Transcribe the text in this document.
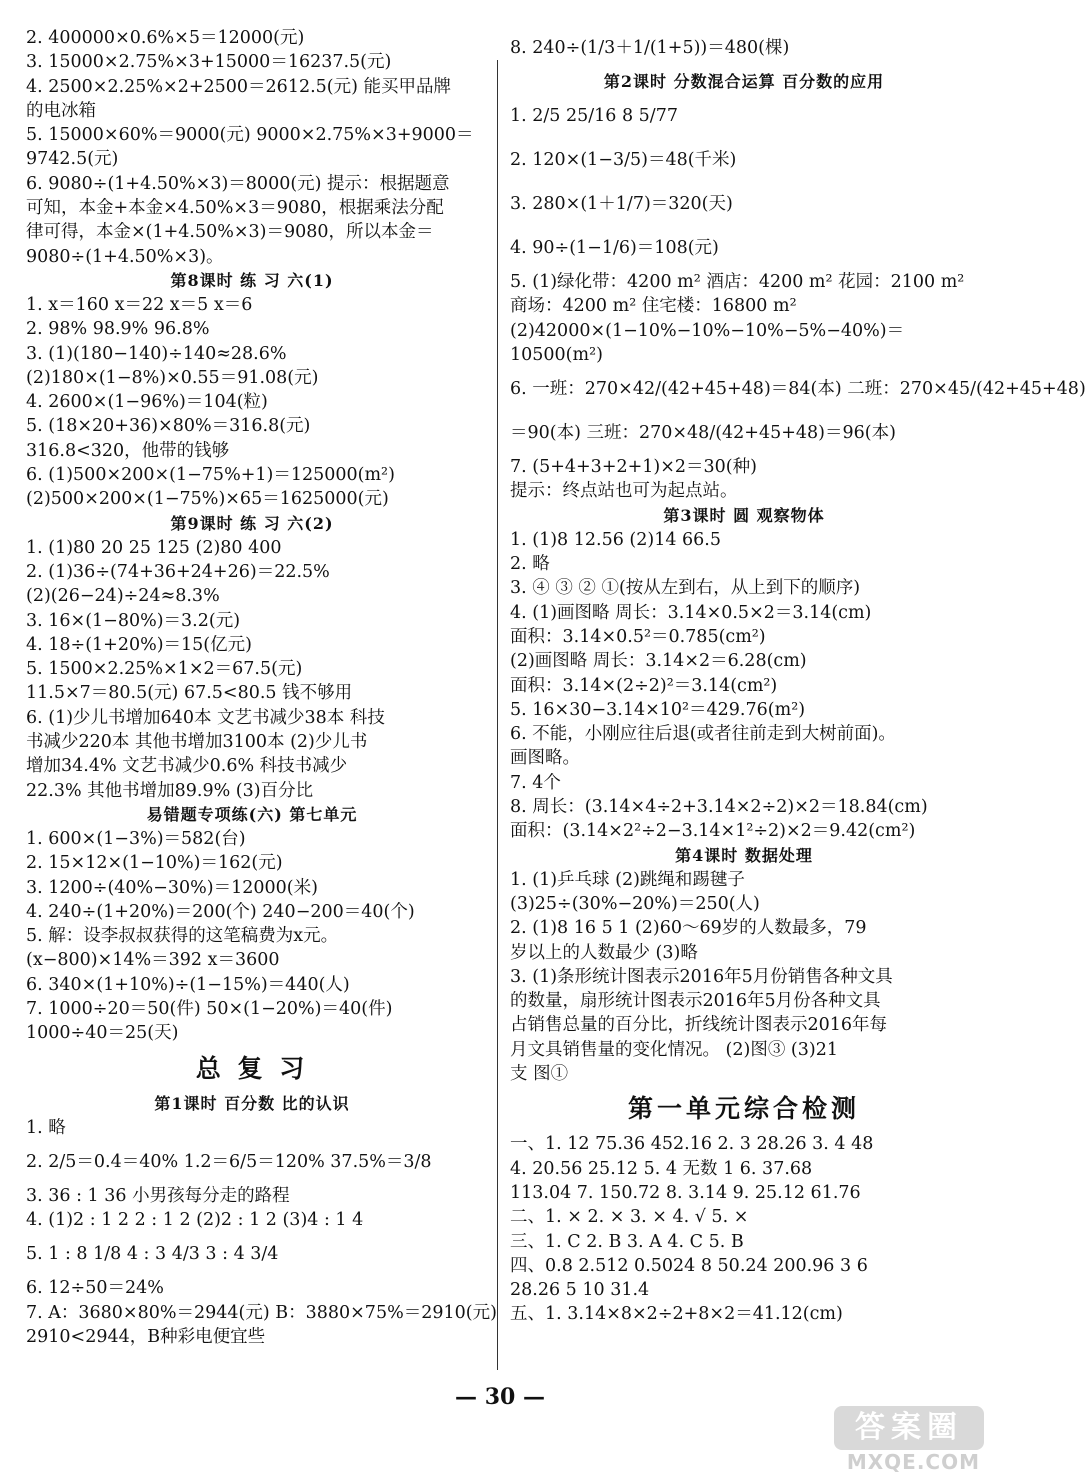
2. 400000×0.6%×5＝12000(元)
3. 15000×2.75%×3+15000＝16237.5(元)
4. 2500×2.25%×2+2500＝2612.5(元) 能买甲品牌
的电冰箱
5. 15000×60%＝9000(元) 9000×2.75%×3+9000＝
9742.5(元)
6. 9080÷(1+4.50%×3)＝8000(元) 提示：根据题意
可知，本金+本金×4.50%×3＝9080，根据乘法分配
律可得，本金×(1+4.50%×3)＝9080，所以本金＝
9080÷(1+4.50%×3)。
第8课时 练 习 六(1)
1. x＝160 x＝22 x＝5 x＝6
2. 98% 98.9% 96.8%
3. (1)(180−140)÷140≈28.6%
(2)180×(1−8%)×0.55＝91.08(元)
4. 2600×(1−96%)＝104(粒)
5. (18×20+36)×80%＝316.8(元)
316.8<320，他带的钱够
6. (1)500×200×(1−75%+1)＝125000(m²)
(2)500×200×(1−75%)×65＝1625000(元)
第9课时 练 习 六(2)
1. (1)80 20 25 125 (2)80 400
2. (1)36÷(74+36+24+26)＝22.5%
(2)(26−24)÷24≈8.3%
3. 16×(1−80%)＝3.2(元)
4. 18÷(1+20%)＝15(亿元)
5. 1500×2.25%×1×2＝67.5(元)
11.5×7＝80.5(元) 67.5<80.5 钱不够用
6. (1)少儿书增加640本 文艺书减少38本 科技
书减少220本 其他书增加3100本 (2)少儿书
增加34.4% 文艺书减少0.6% 科技书减少
22.3% 其他书增加89.9% (3)百分比
易错题专项练(六) 第七单元
1. 600×(1−3%)＝582(台)
2. 15×12×(1−10%)＝162(元)
3. 1200÷(40%−30%)＝12000(米)
4. 240÷(1+20%)＝200(个) 240−200＝40(个)
5. 解：设李叔叔获得的这笔稿费为x元。
(x−800)×14%＝392 x＝3600
6. 340×(1+10%)÷(1−15%)＝440(人)
7. 1000÷20＝50(件) 50×(1−20%)＝40(件)
1000÷40＝25(天)
总 复 习
第1课时 百分数 比的认识
1. 略
2. 2/5＝0.4＝40% 1.2＝6/5＝120% 37.5%＝3/8
3. 36 : 1 36 小男孩每分走的路程
4. (1)2 : 1 2 2 : 1 2 (2)2 : 1 2 (3)4 : 1 4
5. 1 : 8 1/8 4 : 3 4/3 3 : 4 3/4
6. 12÷50＝24%
7. A：3680×80%＝2944(元) B：3880×75%＝2910(元)
2910<2944，B种彩电便宜些
8. 240÷(1/3＋1/(1+5))＝480(棵)
第2课时 分数混合运算 百分数的应用
1. 2/5 25/16 8 5/77
2. 120×(1−3/5)＝48(千米)
3. 280×(1＋1/7)＝320(天)
4. 90÷(1−1/6)＝108(元)
5. (1)绿化带：4200 m² 酒店：4200 m² 花园：2100 m²
商场：4200 m² 住宅楼：16800 m²
(2)42000×(1−10%−10%−10%−5%−40%)＝
10500(m²)
6. 一班：270×42/(42+45+48)＝84(本) 二班：270×45/(42+45+48)
＝90(本) 三班：270×48/(42+45+48)＝96(本)
7. (5+4+3+2+1)×2＝30(种)
提示：终点站也可为起点站。
第3课时 圆 观察物体
1. (1)8 12.56 (2)14 66.5
2. 略
3. ④ ③ ② ①(按从左到右，从上到下的顺序)
4. (1)画图略 周长：3.14×0.5×2＝3.14(cm)
面积：3.14×0.5²＝0.785(cm²)
(2)画图略 周长：3.14×2＝6.28(cm)
面积：3.14×(2÷2)²＝3.14(cm²)
5. 16×30−3.14×10²＝429.76(m²)
6. 不能，小刚应往后退(或者往前走到大树前面)。
画图略。
7. 4个
8. 周长：(3.14×4÷2+3.14×2÷2)×2＝18.84(cm)
面积：(3.14×2²÷2−3.14×1²÷2)×2＝9.42(cm²)
第4课时 数据处理
1. (1)乒乓球 (2)跳绳和踢毽子
(3)25÷(30%−20%)＝250(人)
2. (1)8 16 5 1 (2)60～69岁的人数最多，79
岁以上的人数最少 (3)略
3. (1)条形统计图表示2016年5月份销售各种文具
的数量，扇形统计图表示2016年5月份各种文具
占销售总量的百分比，折线统计图表示2016年每
月文具销售量的变化情况。 (2)图③ (3)21
支 图①
第一单元综合检测
一、1. 12 75.36 452.16 2. 3 28.26 3. 4 48
4. 20.56 25.12 5. 4 无数 1 6. 37.68
113.04 7. 150.72 8. 3.14 9. 25.12 61.76
二、1. × 2. × 3. × 4. √ 5. ×
三、1. C 2. B 3. A 4. C 5. B
四、0.8 2.512 0.5024 8 50.24 200.96 3 6
28.26 5 10 31.4
五、1. 3.14×8×2÷2+8×2＝41.12(cm)
— 30 —
答案圈
MXQE.COM
